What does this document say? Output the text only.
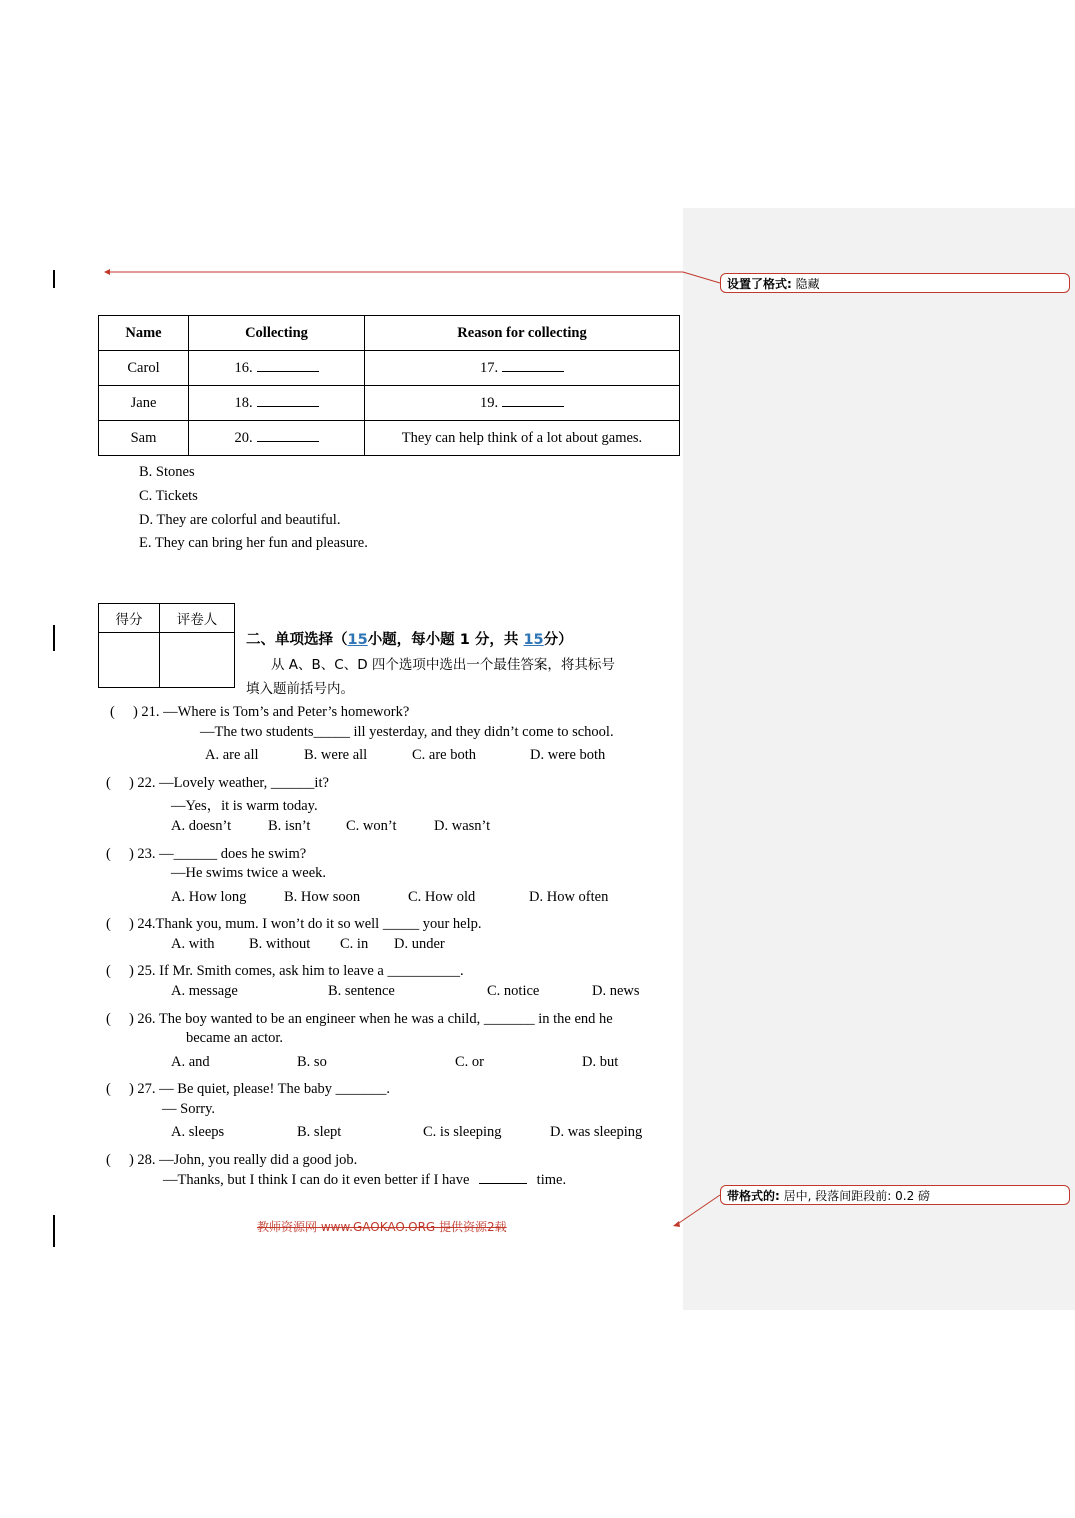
设置了格式: 隐藏
带格式的: 居中, 段落间距段前: 0.2 磅
Name	Collecting	Reason for collecting
Carol	16.	17.
Jane	18.	19.
Sam	20.	They can help think of a lot about games.
B. Stones
C. Tickets
D. They are colorful and beautiful.
E. They can bring her fun and pleasure.
得分	评卷人

二、单项选择（15小题，每小题 1 分，共 15分）
从 A、B、C、D 四个选项中选出一个最佳答案，将其标号
填入题前括号内。
(　 ) 21. —Where is Tom’s and Peter’s homework?
—The two students_____ ill yesterday, and they didn’t come to school.
A. are all	B. were all	C. are both	D. were both
(　 ) 22. —Lovely weather, ______it?
—Yes，it is warm today.
A. doesn’t	B. isn’t C. won’t	D. wasn’t
(　 ) 23. —______ does he swim?
—He swims twice a week.
A. How long	B. How soon	C. How old	D. How often
(　 ) 24.Thank you, mum. I won’t do it so well _____ your help.
A. with B. without C. in D. under
(　 ) 25. If Mr. Smith comes, ask him to leave a __________.
A. message	B. sentence	C. notice	D. news
(　 ) 26. The boy wanted to be an engineer when he was a child, _______ in the end he
became an actor.
A. and	B. so	C. or	D. but
(　 ) 27. — Be quiet, please! The baby _______.
— Sorry.
A. sleeps	B. slept	C. is sleeping	D. was sleeping
(　 ) 28. —John, you really did a good job.
—Thanks, but I think I can do it even better if I have	time.
教师资源网 www.GAOKAO.ORG 提供资源2载
